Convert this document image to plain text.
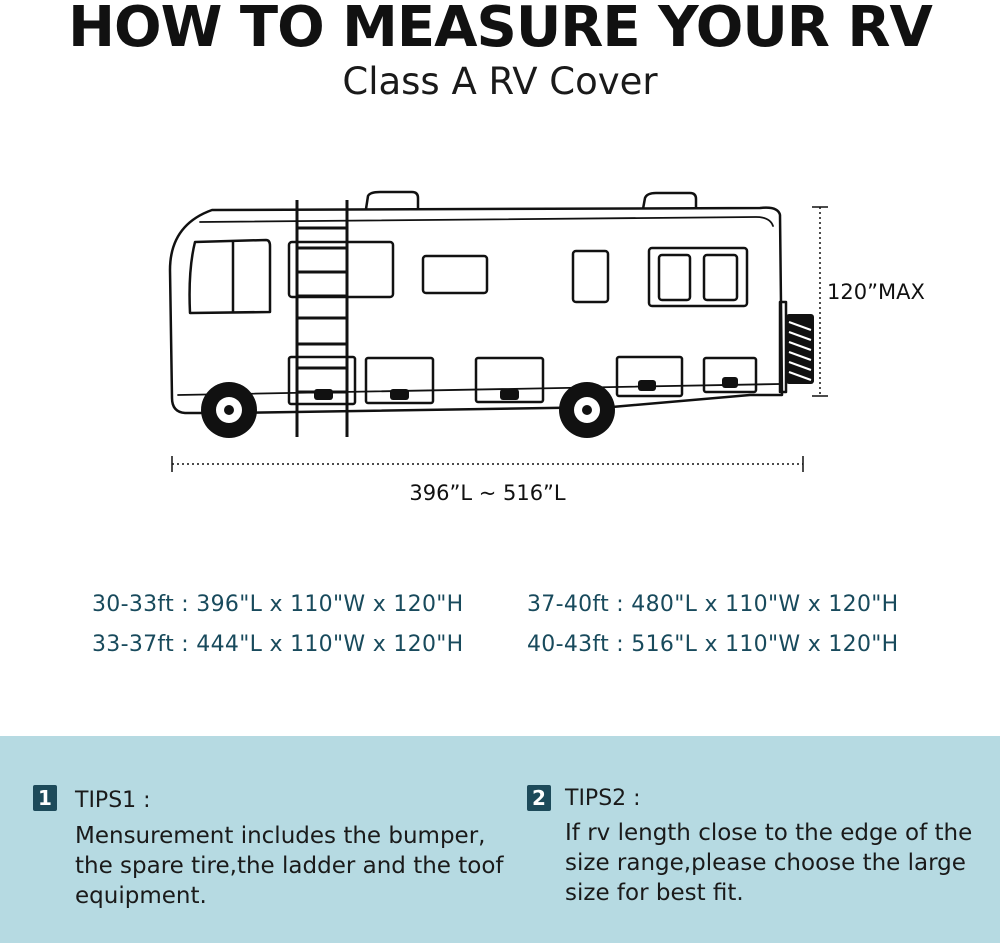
HOW TO MEASURE YOUR RV
Class A RV Cover
120”MAX
396”L ~ 516”L
30-33ft : 396"L x 110"W x 120"H
33-37ft : 444"L x 110"W x 120"H
37-40ft : 480"L x 110"W x 120"H
40-43ft : 516"L x 110"W x 120"H
1 TIPS1 :
Mensurement includes the bumper, the spare tire,the ladder and the toof equipment.
2 TIPS2 :
If rv length close to the edge of the size range,please choose the large size for best fit.
